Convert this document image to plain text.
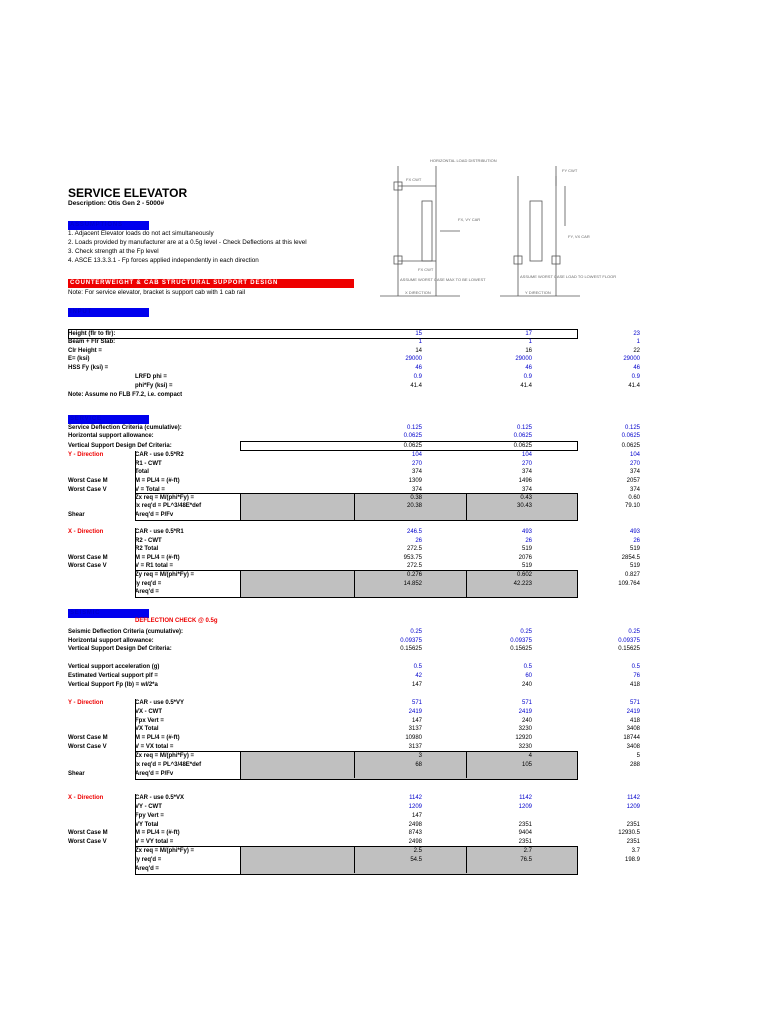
SERVICE ELEVATOR
Description: Otis Gen 2 - 5000#
ASSUMPTIONS
1. Adjacent Elevator loads do not act simultaneously
2. Loads provided by manufacturer are at a 0.5g level - Check Deflections at this level
3. Check strength at the Fp level
4. ASCE 13.3.3.1 - Fp forces applied independently in each direction
COUNTERWEIGHT & CAB STRUCTURAL SUPPORT DESIGN
Note: For service elevator, bracket is support cab with 1 cab rail
INPUT
SERVICE
SEISMIC
DEFLECTION CHECK @ 0.5g
HORIZONTAL LOAD DISTRIBUTION
FY CWT
FX CWT
FX, VY CAR
FX CWT
FY, VX CAR
ASSUME WORST CASE MAX TO BE LOWEST
ASSUME WORST CASE LOAD TO LOWEST FLOOR
X DIRECTION	Y DIRECTION
Height (flr to flr):	15	17	23
Beam + Flr Slab:	1	1	1
Clr Height =	14	16	22
E= (ksi)	29000	29000	29000
HSS Fy (ksi) =	46	46	46
LRFD phi =	0.9	0.9	0.9
phi*Fy (ksi) =	41.4	41.4	41.4
Note: Assume no FLB F7.2, i.e. compact
Service Deflection Criteria (cumulative):	0.125	0.125	0.125
Horizontal support allowance:	0.0625	0.0625	0.0625
Vertical Support Design Def Criteria:	0.0625	0.0625	0.0625
Y - Direction	CAR - use 0.5*R2	104	104	104
R1 - CWT	270	270	270
Total	374	374	374
Worst Case M	M = PL/4 = (#-ft)	1309	1496	2057
Worst Case V	V = Total =	374	374	374
Zx req = M/(phi*Fy) =	0.38	0.43	0.60
Ix req'd = PL^3/48E*def	20.38	30.43	79.10
Shear	Areq'd = P/Fv
X - Direction	CAR - use 0.5*R1	246.5	493	493
R2 - CWT	26	26	26
R2 Total	272.5	519	519
Worst Case M	M = PL/4 = (#-ft)	953.75	2076	2854.5
Worst Case V	V = R1 total =	272.5	519	519
Zy req = M/(phi*Fy) =	0.276	0.602	0.827
Iy req'd =	14.852	42.223	109.764
Areq'd =
Seismic Deflection Criteria (cumulative):	0.25	0.25	0.25
Horizontal support allowance:	0.09375	0.09375	0.09375
Vertical Support Design Def Criteria:	0.15625	0.15625	0.15625
Vertical support acceleration (g)	0.5	0.5	0.5
Estimated Vertical support plf =	42	60	76
Vertical Support Fp (lb) = wl/2*a	147	240	418
Y - Direction	CAR - use 0.5*VY	571	571	571
VX - CWT	2419	2419	2419
Fpx Vert =	147	240	418
VX Total	3137	3230	3408
Worst Case M	M = PL/4 = (#-ft)	10980	12920	18744
Worst Case V	V = VX total =	3137	3230	3408
Zx req = M/(phi*Fy) =	3	4	5
Ix req'd = PL^3/48E*def	68	105	288
Shear	Areq'd = P/Fv
X - Direction	CAR - use 0.5*VX	1142	1142	1142
VY - CWT	1209	1209	1209
Fpy Vert =	147
VY Total	2498	2351	2351
Worst Case M	M = PL/4 = (#-ft)	8743	9404	12930.5
Worst Case V	V = VY total =	2498	2351	2351
Zx req = M/(phi*Fy) =	2.5	2.7	3.7
Iy req'd =	54.5	76.5	198.9
Areq'd =
